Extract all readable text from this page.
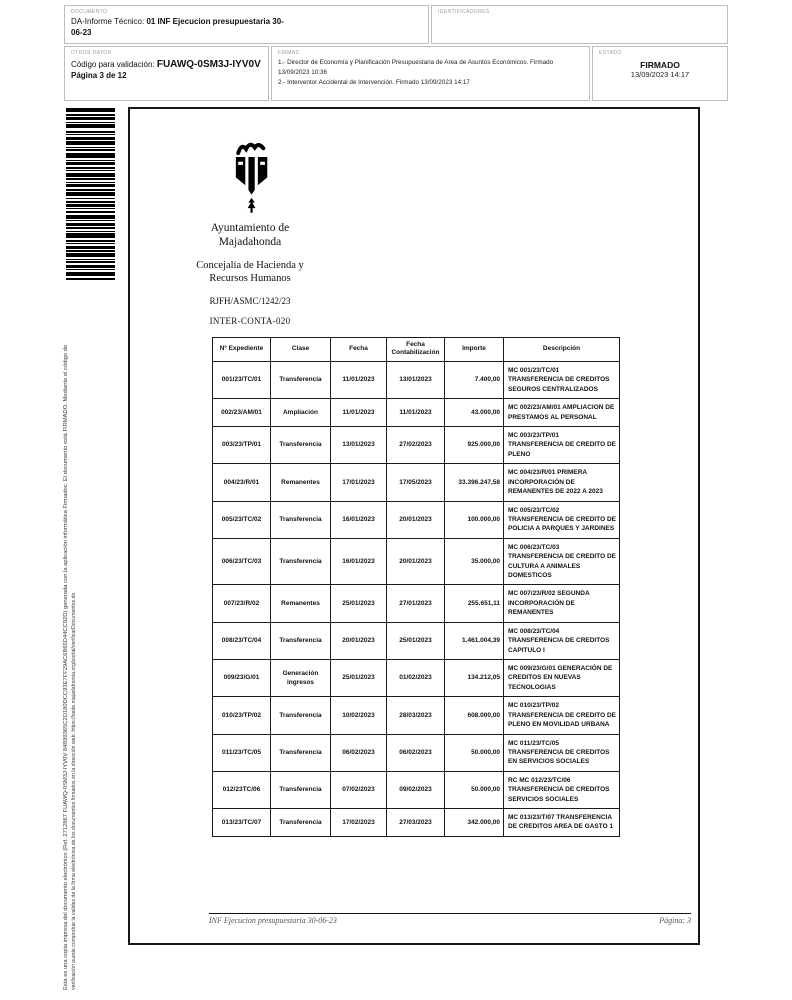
DOCUMENTO
DA-Informe Técnico: 01 INF Ejecucion presupuestaria 30-06-23
IDENTIFICADORES
OTROS DATOS
Código para validación: FUAWQ-0SM3J-IYV0V
Página 3 de 12
FIRMAS
1.- Director de Economía y Planificación Presupuestaria de Area de Asuntos Económicos. Firmado 13/09/2023 10:36
2.- Interventor Accidental de Intervención. Firmado 13/09/2023 14:17
ESTADO
FIRMADO
13/09/2023 14:17
Esta es una copia impresa del documento electrónico (Ref. 2712867 FUAWQ-0SM3J-IYV0V 84B99365C2D180DCC93E7FF29AC6B65D44CC92D) generada con la aplicación informática Firmadoc. El documento está FIRMADO. Mediante el código de verificación puede comprobar la validez de la firma electrónica de los documentos firmados en la dirección web: https://sede.majadahonda.org/portal/verificarDocumentos.do
Ayuntamiento de Majadahonda
Concejalía de Hacienda y Recursos Humanos
RJFH/ASMC/1242/23
INTER-CONTA-020
Nº Expediente	Clase	Fecha	Fecha Contabilización	Importe	Descripción
001/23/TC/01	Transferencia	11/01/2023	13/01/2023	7.400,00	MC 001/23/TC/01 TRANSFERENCIA DE CREDITOS SEGUROS CENTRALIZADOS
002/23/AM/01	Ampliación	11/01/2023	11/01/2023	43.000,00	MC 002/23/AM/01 AMPLIACION DE PRESTAMOS AL PERSONAL
003/23/TP/01	Transferencia	13/01/2023	27/02/2023	925.000,00	MC 003/23/TP/01 TRANSFERENCIA DE CREDITO DE PLENO
004/23/R/01	Remanentes	17/01/2023	17/05/2023	33.396.247,58	MC 004/23/R/01 PRIMERA INCORPORACIÓN DE REMANENTES DE 2022 A 2023
005/23/TC/02	Transferencia	16/01/2023	20/01/2023	100.000,00	MC 005/23/TC/02 TRANSFERENCIA DE CREDITO DE POLICIA A PARQUES Y JARDINES
006/23/TC/03	Transferencia	16/01/2023	20/01/2023	35.000,00	MC 006/23/TC/03 TRANSFERENCIA DE CREDITO DE CULTURA A ANIMALES DOMESTICOS
007/23/R/02	Remanentes	25/01/2023	27/01/2023	255.651,11	MC 007/23/R/02 SEGUNDA INCORPORACIÓN DE REMANENTES
008/23/TC/04	Transferencia	20/01/2023	25/01/2023	1.461.004,39	MC 008/23/TC/04 TRANSFERENCIA DE CREDITOS CAPITULO I
009/23/G/01	Generación ingresos	25/01/2023	01/02/2023	134.212,05	MC 009/23/G/01 GENERACIÓN DE CREDITOS EN NUEVAS TECNOLOGIAS
010/23/TP/02	Transferencia	10/02/2023	28/03/2023	608.000,00	MC 010/23/TP/02 TRANSFERENCIA DE CREDITO DE PLENO EN MOVILIDAD URBANA
011/23/TC/05	Transferencia	06/02/2023	06/02/2023	50.000,00	MC 011/23/TC/05 TRANSFERENCIA DE CREDITOS EN SERVICIOS SOCIALES
012/23TC/06	Transferencia	07/02/2023	09/02/2023	50.000,00	RC MC 012/23/TC/06 TRANSFERENCIA DE CREDITOS SERVICIOS SOCIALES
013/23/TC/07	Transferencia	17/02/2023	27/03/2023	342.000,00	MC 013/23/T/07 TRANSFERENCIA DE CREDITOS AREA DE GASTO 1
INF Ejecucion presupuestaria 30-06-23	Página: 3
